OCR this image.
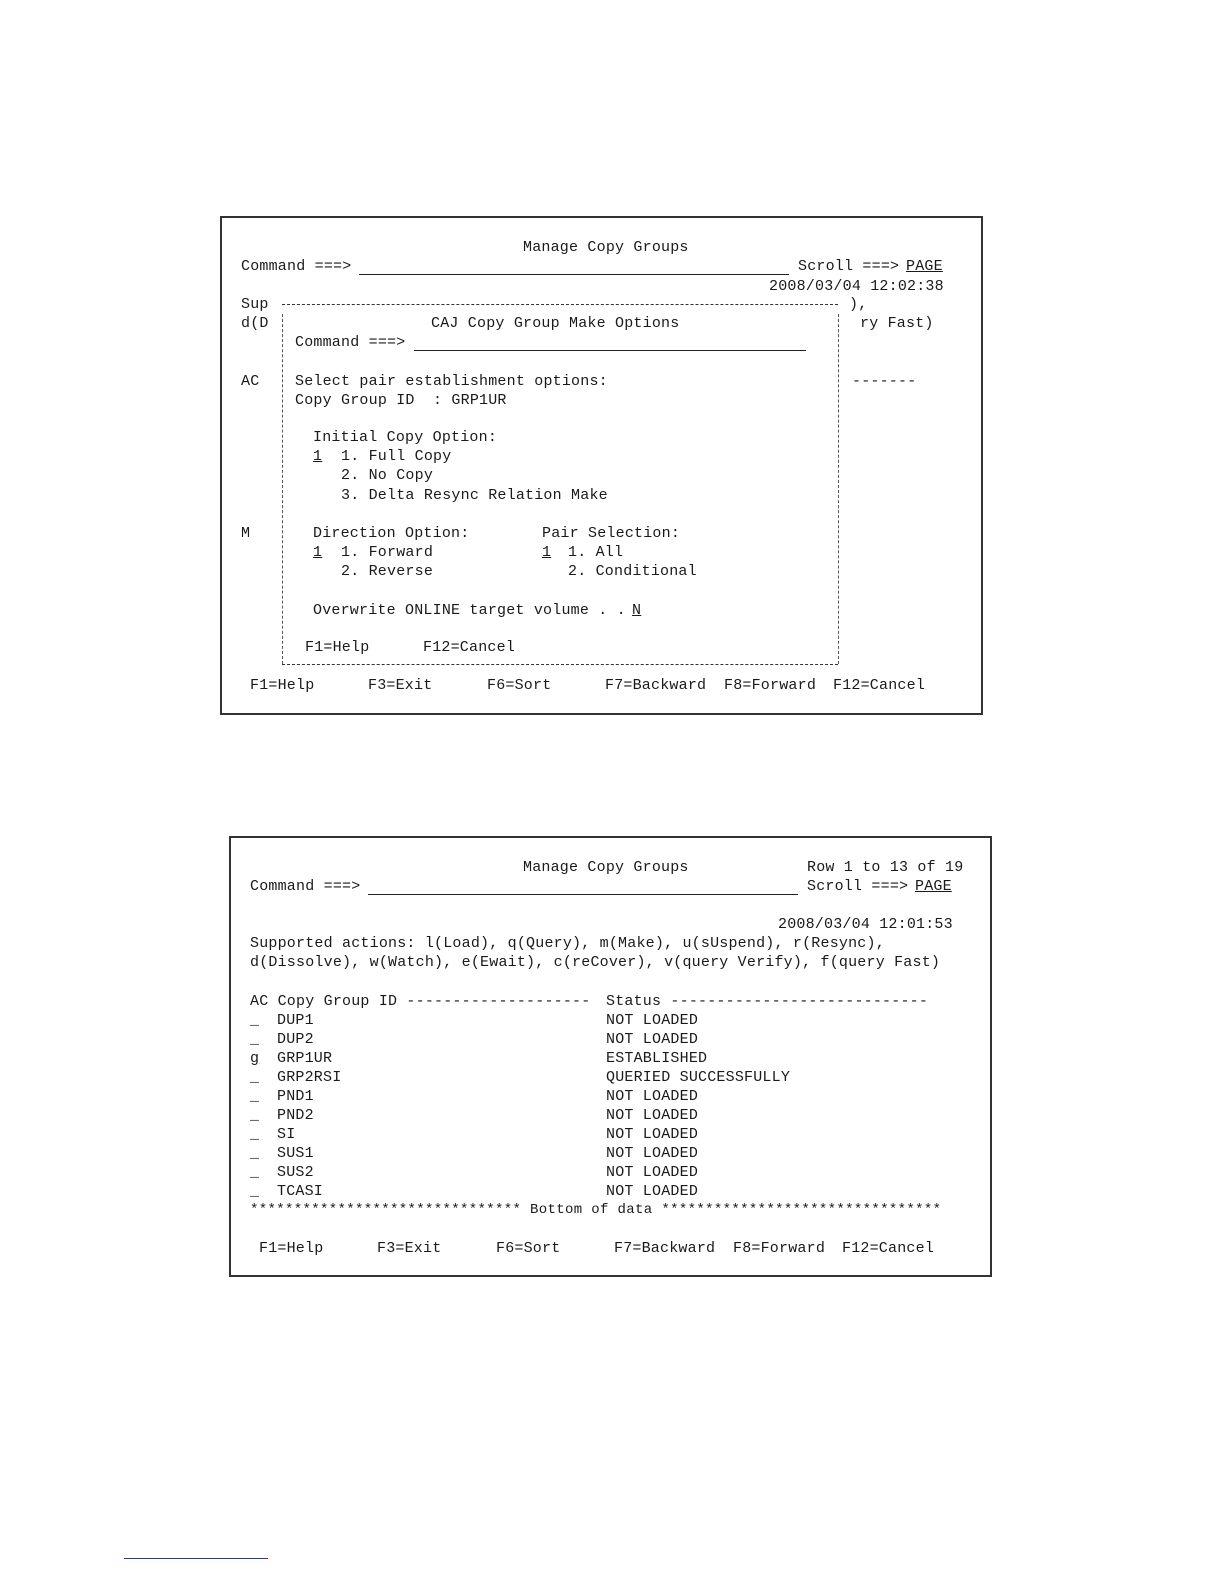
Manage Copy Groups
Command ===>	Scroll ===> PAGE
2008/03/04 12:02:38
Sup
d(D
AC
M
),
ry Fast)
-------
CAJ Copy Group Make Options
Command ===>
Select pair establishment options:
Copy Group ID  : GRP1UR
Initial Copy Option:
1 1. Full Copy
2. No Copy
3. Delta Resync Relation Make
Direction Option:
1 1. Forward
2. Reverse
Pair Selection:
1 1. All
2. Conditional
Overwrite ONLINE target volume . . N
F1=Help	F12=Cancel
F1=Help	F3=Exit	F6=Sort	F7=Backward F8=Forward F12=Cancel
Manage Copy Groups	Row 1 to 13 of 19
Command ===>	Scroll ===> PAGE
2008/03/04 12:01:53
Supported actions: l(Load), q(Query), m(Make), u(sUspend), r(Resync),
d(Dissolve), w(Watch), e(Ewait), c(reCover), v(query Verify), f(query Fast)
AC Copy Group ID -------------------- Status ----------------------------
_ DUP1	NOT LOADED
_ DUP2	NOT LOADED
g GRP1UR	ESTABLISHED
_ GRP2RSI	QUERIED SUCCESSFULLY
_ PND1	NOT LOADED
_ PND2	NOT LOADED
_ SI	NOT LOADED
_ SUS1	NOT LOADED
_ SUS2	NOT LOADED
_ TCASI	NOT LOADED
******************************* Bottom of data ********************************
F1=Help	F3=Exit	F6=Sort	F7=Backward F8=Forward F12=Cancel
